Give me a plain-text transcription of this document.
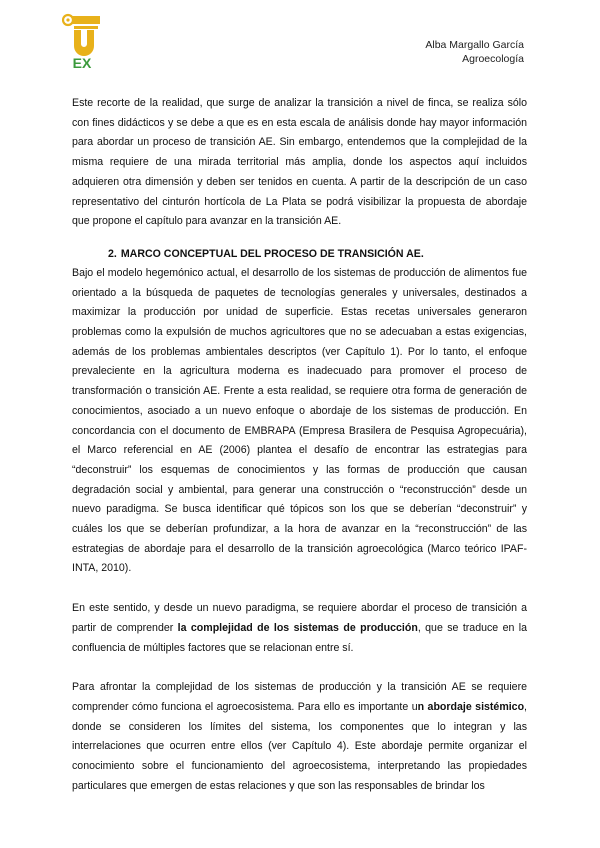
EX
Alba Margallo García
Agroecología

Este recorte de la realidad, que surge de analizar la transición a nivel de finca, se realiza sólo con fines didácticos y se debe a que es en esta escala de análisis donde hay mayor información para abordar un proceso de transición AE. Sin embargo, entendemos que la complejidad de la misma requiere de una mirada territorial más amplia, donde los aspectos aquí incluidos adquieren otra dimensión y deben ser tenidos en cuenta. A partir de la descripción de un caso representativo del cinturón hortícola de La Plata se podrá visibilizar la propuesta de abordaje que propone el capítulo para avanzar en la transición AE.

2. MARCO CONCEPTUAL DEL PROCESO DE TRANSICIÓN AE.

Bajo el modelo hegemónico actual, el desarrollo de los sistemas de producción de alimentos fue orientado a la búsqueda de paquetes de tecnologías generales y universales, destinados a maximizar la producción por unidad de superficie. Estas recetas universales generaron problemas como la expulsión de muchos agricultores que no se adecuaban a estas exigencias, además de los problemas ambientales descriptos (ver Capítulo 1). Por lo tanto, el enfoque prevaleciente en la agricultura moderna es inadecuado para promover el proceso de transformación o transición AE. Frente a esta realidad, se requiere otra forma de generación de conocimientos, asociado a un nuevo enfoque o abordaje de los sistemas de producción. En concordancia con el documento de EMBRAPA (Empresa Brasilera de Pesquisa Agropecuária), el Marco referencial en AE (2006) plantea el desafío de encontrar las estrategias para “deconstruir” los esquemas de conocimientos y las formas de producción que causan degradación social y ambiental, para generar una construcción o “reconstrucción” desde un nuevo paradigma. Se busca identificar qué tópicos son los que se deberían “deconstruir” y cuáles los que se deberían profundizar, a la hora de avanzar en la “reconstrucción” de las estrategias de abordaje para el desarrollo de la transición agroecológica (Marco teórico IPAF-INTA, 2010).

En este sentido, y desde un nuevo paradigma, se requiere abordar el proceso de transición a partir de comprender la complejidad de los sistemas de producción, que se traduce en la confluencia de múltiples factores que se relacionan entre sí.

Para afrontar la complejidad de los sistemas de producción y la transición AE se requiere comprender cómo funciona el agroecosistema. Para ello es importante un abordaje sistémico, donde se consideren los límites del sistema, los componentes que lo integran y las interrelaciones que ocurren entre ellos (ver Capítulo 4). Este abordaje permite organizar el conocimiento sobre el funcionamiento del agroecosistema, interpretando las propiedades particulares que emergen de estas relaciones y que son las responsables de brindar los
